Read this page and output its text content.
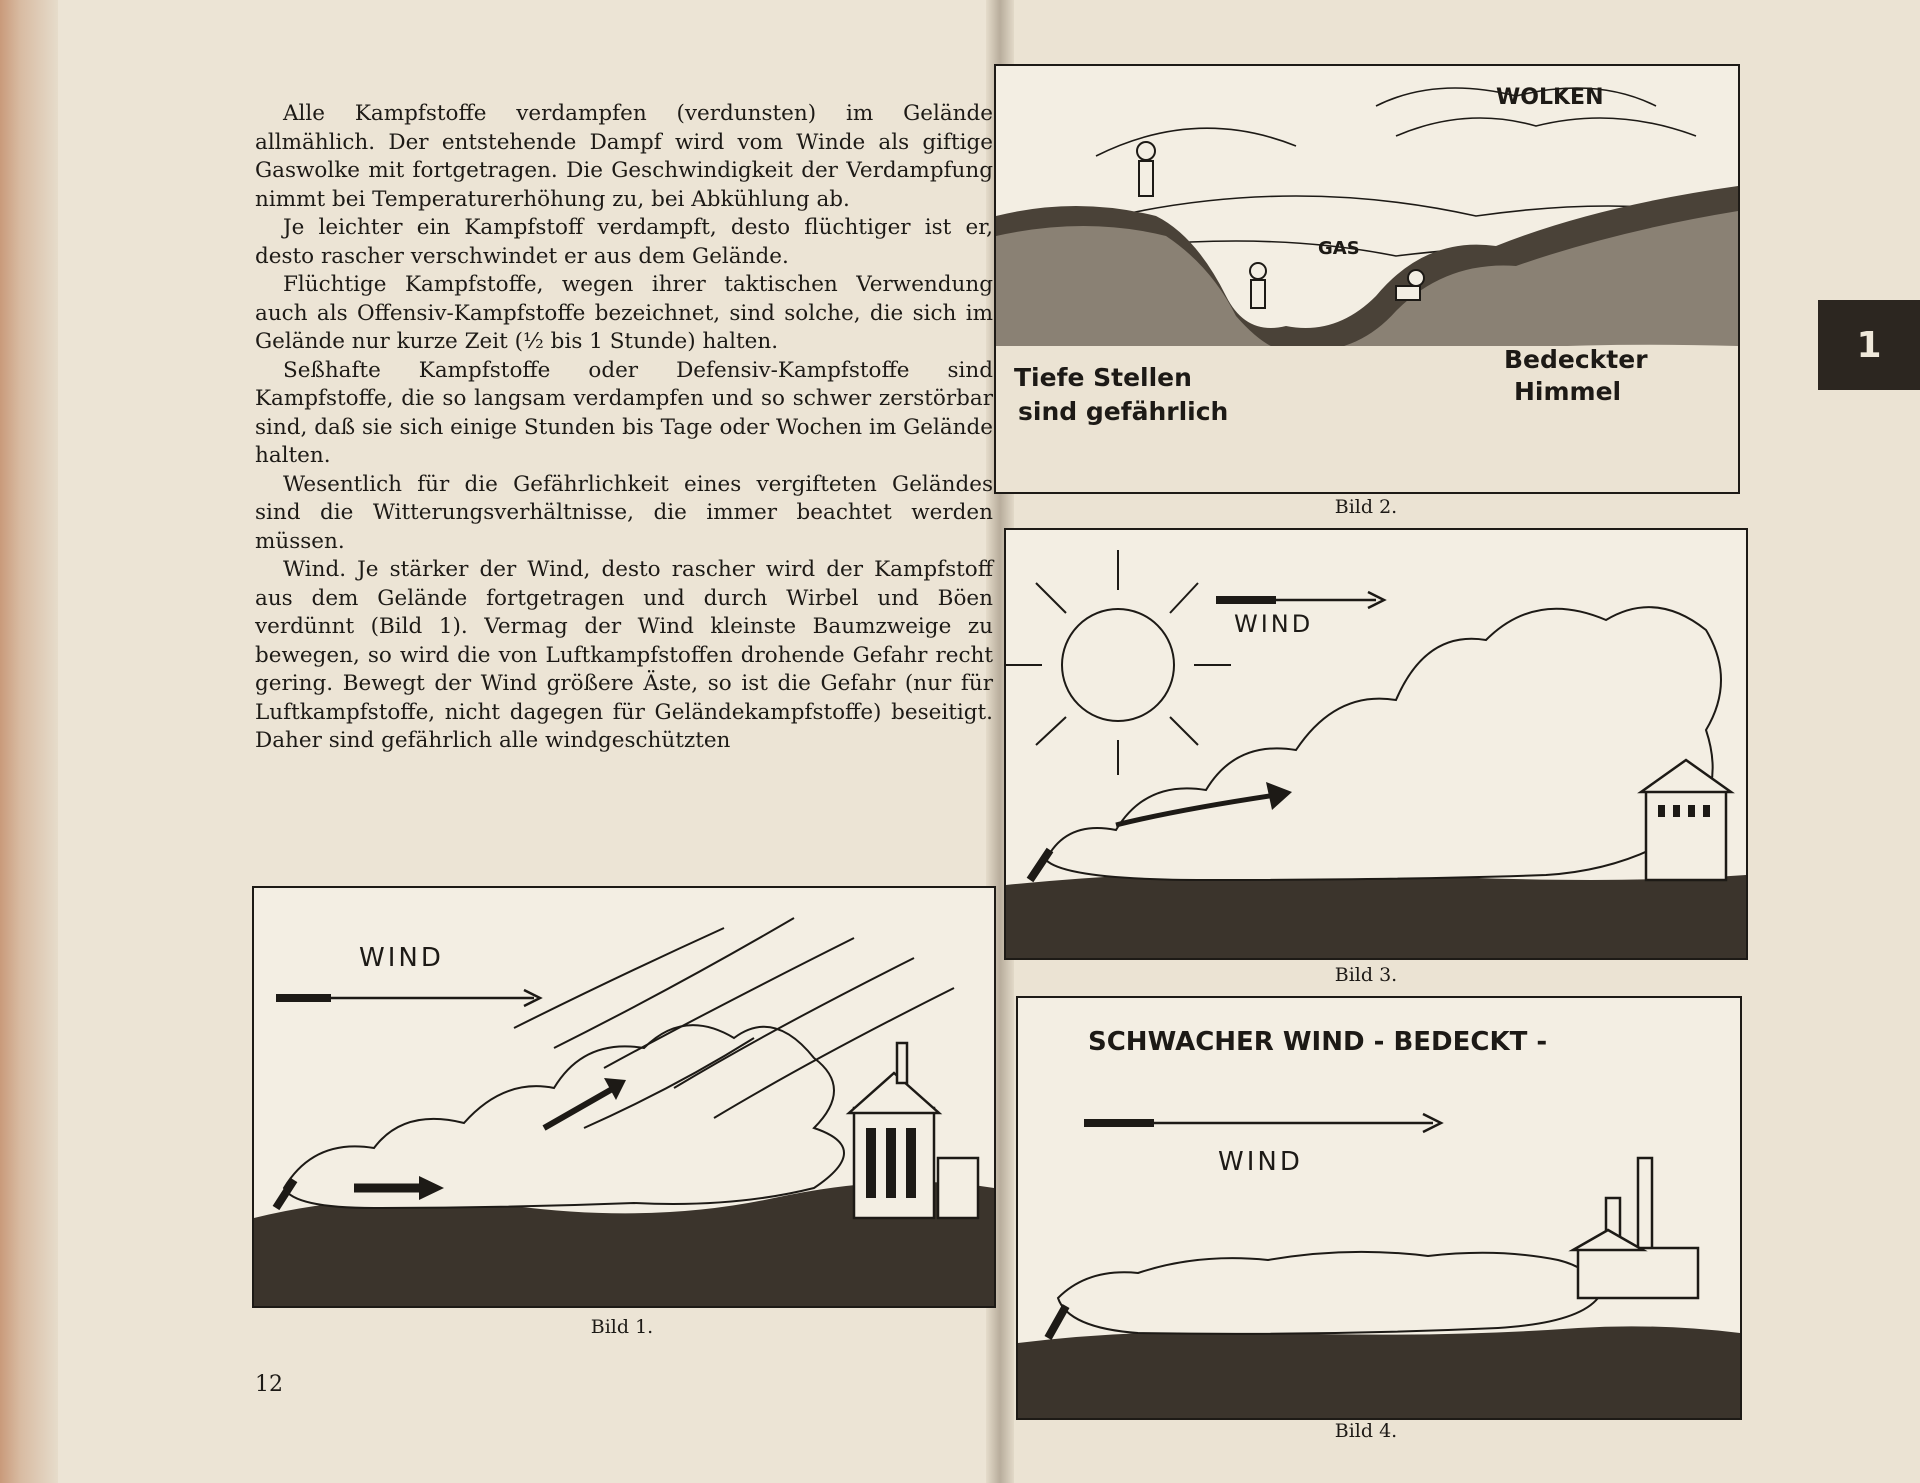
Alle Kampfstoffe verdampfen (verdunsten) im Gelände allmählich. Der entstehende Dampf wird vom Winde als giftige Gaswolke mit fortgetragen. Die Geschwindigkeit der Verdampfung nimmt bei Temperaturerhöhung zu, bei Abkühlung ab.

Je leichter ein Kampfstoff verdampft, desto flüchtiger ist er, desto rascher verschwindet er aus dem Gelände.

Flüchtige Kampfstoffe, wegen ihrer taktischen Verwendung auch als Offensiv-Kampfstoffe bezeichnet, sind solche, die sich im Gelände nur kurze Zeit (½ bis 1 Stunde) halten.

Seßhafte Kampfstoffe oder Defensiv-Kampfstoffe sind Kampfstoffe, die so langsam verdampfen und so schwer zerstörbar sind, daß sie sich einige Stunden bis Tage oder Wochen im Gelände halten.

Wesentlich für die Gefährlichkeit eines vergifteten Geländes sind die Witterungsverhältnisse, die immer beachtet werden müssen.

Wind. Je stärker der Wind, desto rascher wird der Kampfstoff aus dem Gelände fortgetragen und durch Wirbel und Böen verdünnt (Bild 1). Vermag der Wind kleinste Baumzweige zu bewegen, so wird die von Luftkampfstoffen drohende Gefahr recht gering. Bewegt der Wind größere Äste, so ist die Gefahr (nur für Luftkampfstoffe, nicht dagegen für Geländekampfstoffe) beseitigt. Daher sind gefährlich alle windgeschützten

WIND
Bild 1.
WOLKEN
GAS
Tiefe Stellen
sind gefährlich
Bedeckter
Himmel
Bild 2.
WIND
Bild 3.
SCHWACHER WIND - BEDECKT -
WIND
Bild 4.
12
1
